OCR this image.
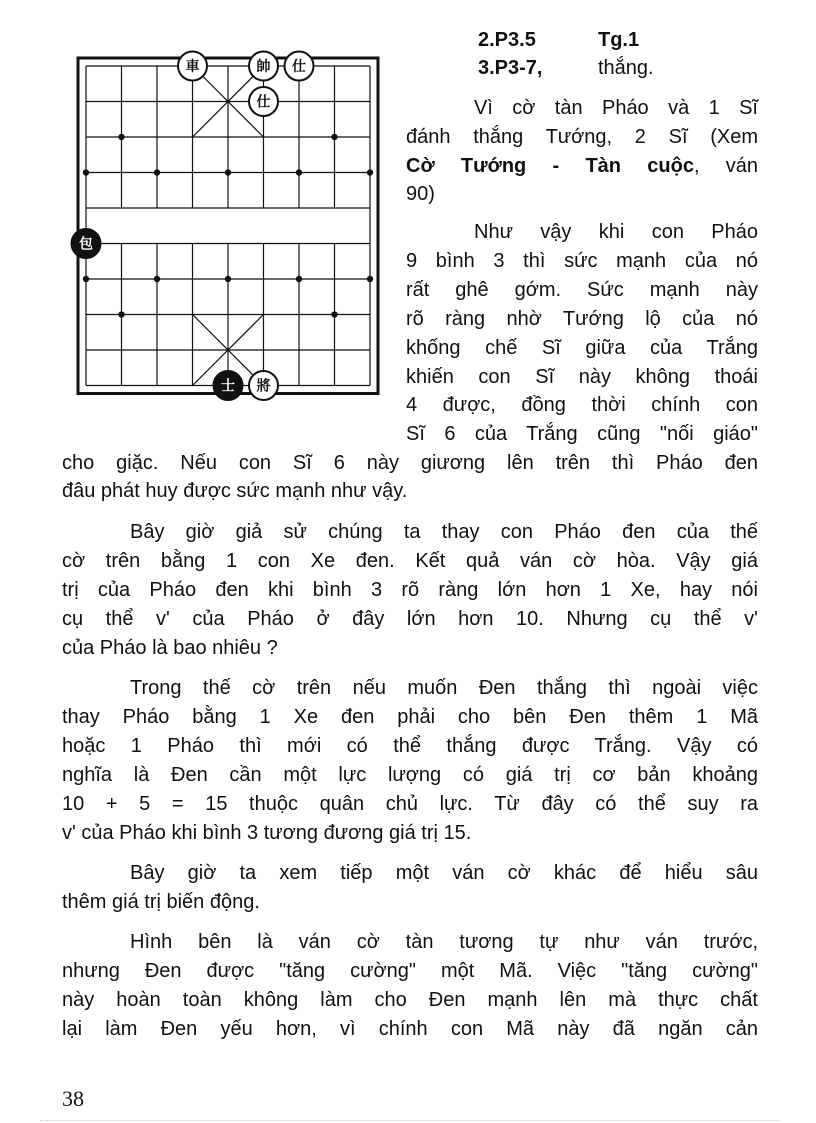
車	帥 仕
仕
包
士 將
2.P3.5	Tg.1
3.P3-7,	thắng.
Vì cờ tàn Pháo và 1 Sĩ
đánh thắng Tướng, 2 Sĩ (Xem
Cờ Tướng - Tàn cuộc, ván
90)
Như vậy khi con Pháo
9 bình 3 thì sức mạnh của nó
rất ghê gớm. Sức mạnh này
rõ ràng nhờ Tướng lộ của nó
khống chế Sĩ giữa của Trắng
khiến con Sĩ này không thoái
4 được, đồng thời chính con
Sĩ 6 của Trắng cũng "nối giáo"
cho giặc. Nếu con Sĩ 6 này giương lên trên thì Pháo đen
đâu phát huy được sức mạnh như vậy.
Bây giờ giả sử chúng ta thay con Pháo đen của thế
cờ trên bằng 1 con Xe đen. Kết quả ván cờ hòa. Vậy giá
trị của Pháo đen khi bình 3 rõ ràng lớn hơn 1 Xe, hay nói
cụ thể v' của Pháo ở đây lớn hơn 10. Nhưng cụ thể v'
của Pháo là bao nhiêu ?
Trong thế cờ trên nếu muốn Đen thắng thì ngoài việc
thay Pháo bằng 1 Xe đen phải cho bên Đen thêm 1 Mã
hoặc 1 Pháo thì mới có thể thắng được Trắng. Vậy có
nghĩa là Đen cần một lực lượng có giá trị cơ bản khoảng
10 + 5 = 15 thuộc quân chủ lực. Từ đây có thể suy ra
v' của Pháo khi bình 3 tương đương giá trị 15.
Bây giờ ta xem tiếp một ván cờ khác để hiểu sâu
thêm giá trị biến động.
Hình bên là ván cờ tàn tương tự như ván trước,
nhưng Đen được "tăng cường" một Mã. Việc "tăng cường"
này hoàn toàn không làm cho Đen mạnh lên mà thực chất
lại làm Đen yếu hơn, vì chính con Mã này đã ngăn cản
38
